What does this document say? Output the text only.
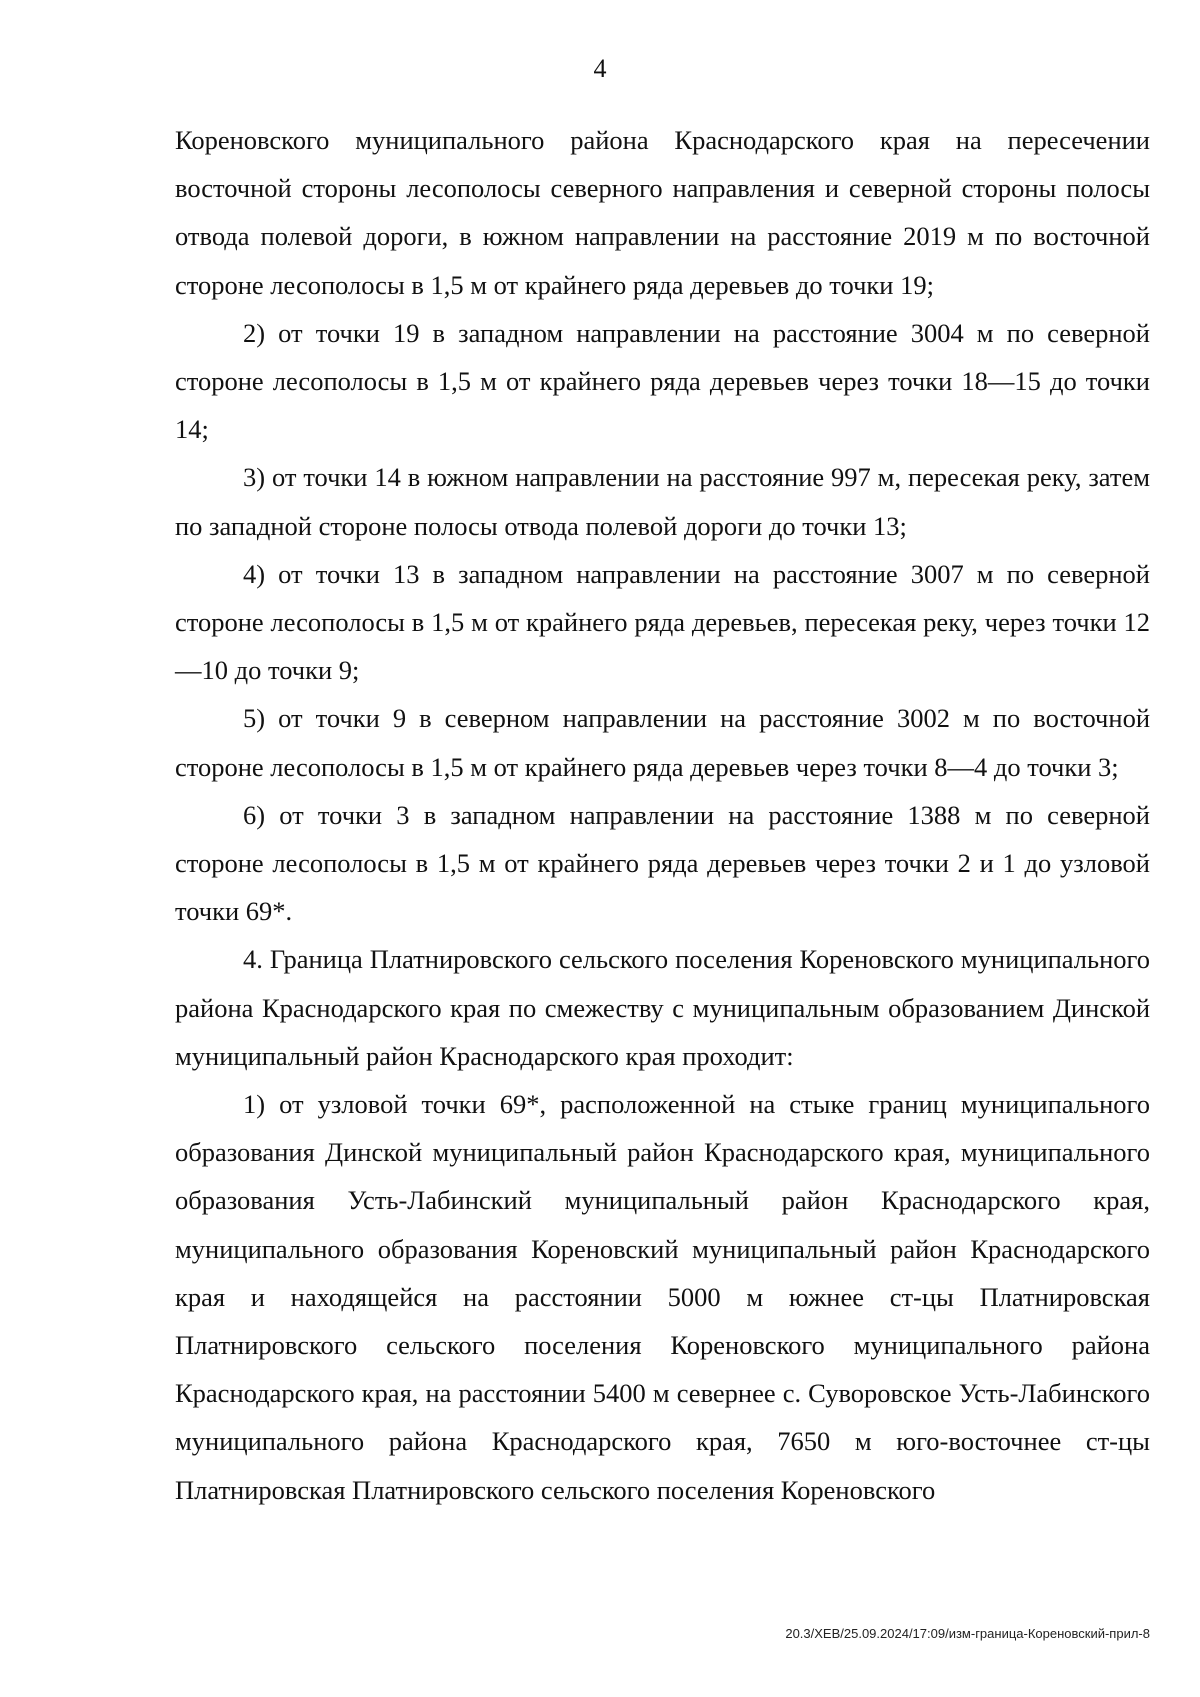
4

Кореновского муниципального района Краснодарского края на пересечении восточной стороны лесополосы северного направления и северной стороны полосы отвода полевой дороги, в южном направлении на расстояние 2019 м по восточной стороне лесополосы в 1,5 м от крайнего ряда деревьев до точки 19;

2) от точки 19 в западном направлении на расстояние 3004 м по северной стороне лесополосы в 1,5 м от крайнего ряда деревьев через точки 18—15 до точки 14;

3) от точки 14 в южном направлении на расстояние 997 м, пересекая реку, затем по западной стороне полосы отвода полевой дороги до точки 13;

4) от точки 13 в западном направлении на расстояние 3007 м по северной стороне лесополосы в 1,5 м от крайнего ряда деревьев, пересекая реку, через точки 12—10 до точки 9;

5) от точки 9 в северном направлении на расстояние 3002 м по восточной стороне лесополосы в 1,5 м от крайнего ряда деревьев через точки 8—4 до точки 3;

6) от точки 3 в западном направлении на расстояние 1388 м по северной стороне лесополосы в 1,5 м от крайнего ряда деревьев через точки 2 и 1 до узловой точки 69*.

4. Граница Платнировского сельского поселения Кореновского муниципального района Краснодарского края по смежеству с муниципальным образованием Динской муниципальный район Краснодарского края проходит:

1) от узловой точки 69*, расположенной на стыке границ муниципального образования Динской муниципальный район Краснодарского края, муниципального образования Усть-Лабинский муниципальный район Краснодарского края, муниципального образования Кореновский муниципальный район Краснодарского края и находящейся на расстоянии 5000 м южнее ст-цы Платнировская Платнировского сельского поселения Кореновского муниципального района Краснодарского края, на расстоянии 5400 м севернее с. Суворовское Усть-Лабинского муниципального района Краснодарского края, 7650 м юго-восточнее ст-цы Платнировская Платнировского сельского поселения Кореновского

20.3/ХЕВ/25.09.2024/17:09/изм-граница-Кореновский-прил-8
